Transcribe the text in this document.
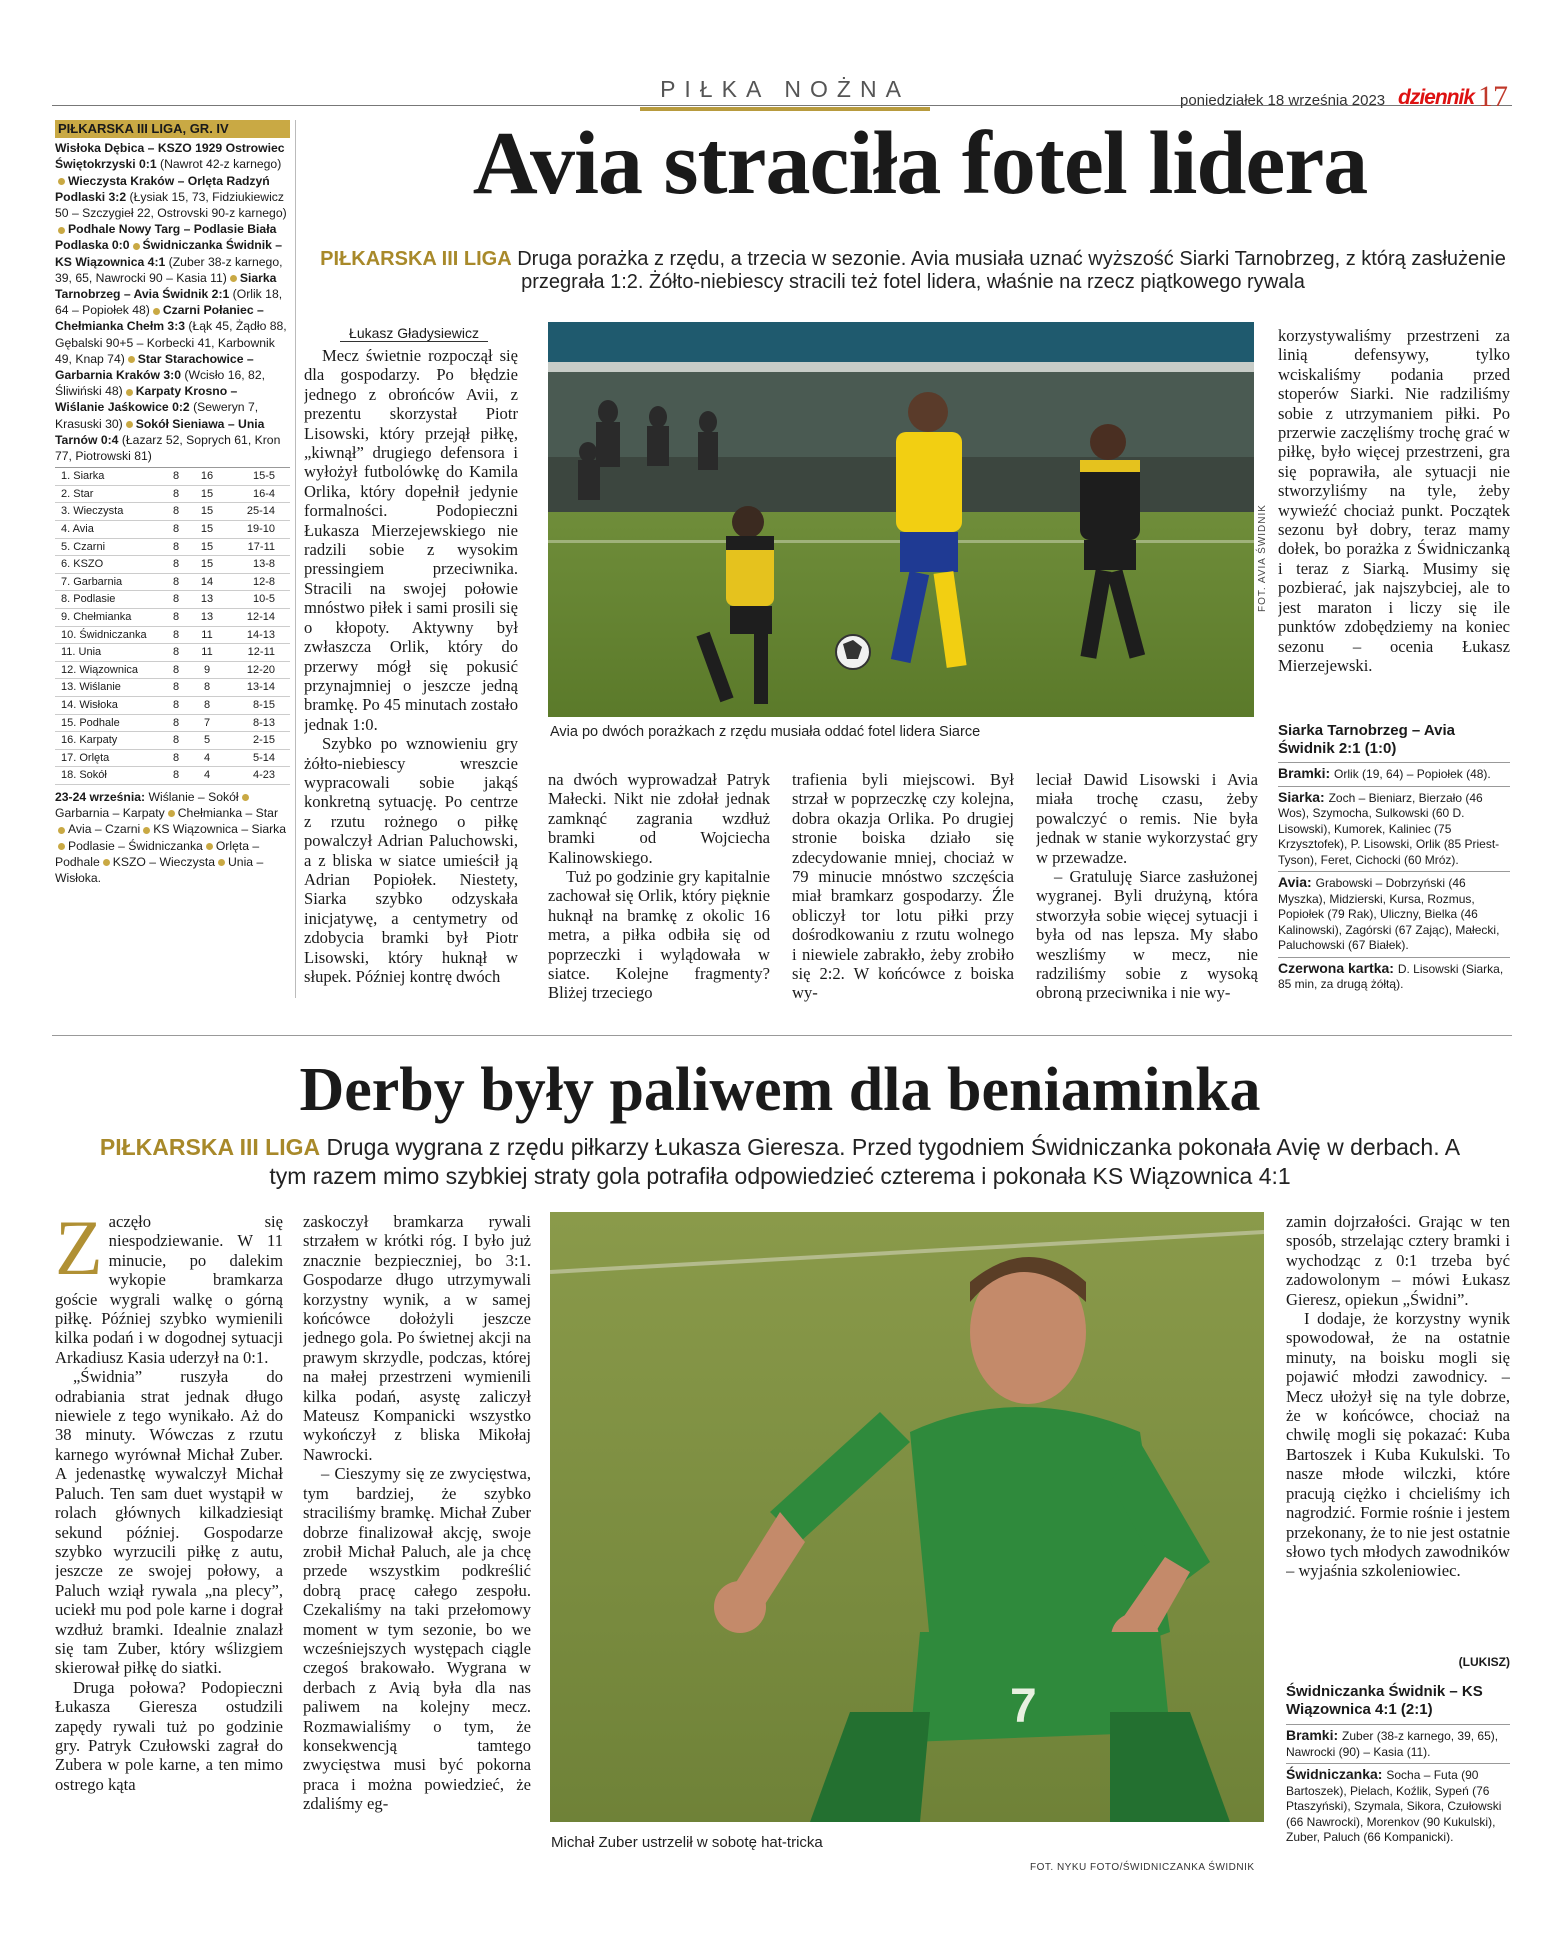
PIŁKA NOŻNA	poniedziałek 18 września 2023 dziennik 17
PIŁKARSKA III LIGA, GR. IV
Wisłoka Dębica – KSZO 1929 Ostrowiec Świętokrzyski 0:1 (Nawrot 42-z karnego)Wieczysta Kraków – Orlęta Radzyń Podlaski 3:2 (Łysiak 15, 73, Fidziukiewicz 50 – Szczygieł 22, Ostrovski 90-z karnego)Podhale Nowy Targ – Podlasie Biała Podlaska 0:0 Świdniczanka Świdnik – KS Wiązownica 4:1 (Zuber 38-z karnego, 39, 65, Nawrocki 90 – Kasia 11) Siarka Tarnobrzeg – Avia Świdnik 2:1 (Orlik 18, 64 – Popiołek 48) Czarni Połaniec – Chełmianka Chełm 3:3 (Łąk 45, Żądło 88, Gębalski 90+5 – Korbecki 41, Karbownik 49, Knap 74) Star Starachowice – Garbarnia Kraków 3:0 (Wcisło 16, 82, Śliwiński 48) Karpaty Krosno – Wiślanie Jaśkowice 0:2 (Seweryn 7, Krasuski 30) Sokół Sieniawa – Unia Tarnów 0:4 (Łazarz 52, Soprych 61, Kron 77, Piotrowski 81)
1. Siarka	8	16	15-5
2. Star	8	15	16-4
3. Wieczysta	8	15	25-14
4. Avia	8	15	19-10
5. Czarni	8	15	17-11
6. KSZO	8	15	13-8
7. Garbarnia	8	14	12-8
8. Podlasie	8	13	10-5
9. Chełmianka	8	13	12-14
10. Świdniczanka	8	11	14-13
11. Unia	8	11	12-11
12. Wiązownica	8	9	12-20
13. Wiślanie	8	8	13-14
14. Wisłoka	8	8	8-15
15. Podhale	8	7	8-13
16. Karpaty	8	5	2-15
17. Orlęta	8	4	5-14
18. Sokół	8	4	4-23
23-24 września: Wiślanie – SokółGarbarnia – Karpaty Chełmianka – StarAvia – Czarni KS Wiązownica – SiarkaPodlasie – Świdniczanka Orlęta – Podhale KSZO – Wieczysta Unia – Wisłoka.
Avia straciła fotel lidera
PIŁKARSKA III LIGA Druga porażka z rzędu, a trzecia w sezonie. Avia musiała uznać wyższość Siarki Tarnobrzeg, z którą zasłużenie przegrała 1:2. Żółto-niebiescy stracili też fotel lidera, właśnie na rzecz piątkowego rywala
Łukasz Gładysiewicz

Mecz świetnie rozpoczął się dla gospodarzy. Po błędzie jednego z obrońców Avii, z prezentu skorzystał Piotr Lisowski, który przejął piłkę, „kiwnął” drugiego defensora i wyłożył futbolówkę do Kamila Orlika, który dopełnił jedynie formalności. Podopieczni Łukasza Mierzejewskiego nie radzili sobie z wysokim pressingiem przeciwnika. Stracili na swojej połowie mnóstwo piłek i sami prosili się o kłopoty. Aktywny był zwłaszcza Orlik, który do przerwy mógł się pokusić przynajmniej o jeszcze jedną bramkę. Po 45 minutach zostało jednak 1:0.

Szybko po wznowieniu gry żółto-niebiescy wreszcie wypracowali sobie jakąś konkretną sytuację. Po centrze z rzutu rożnego o piłkę powalczył Adrian Paluchowski, a z bliska w siatce umieścił ją Adrian Popiołek. Niestety, Siarka szybko odzyskała inicjatywę, a centymetry od zdobycia bramki był Piotr Lisowski, który huknął w słupek. Później kontrę dwóch

Avia po dwóch porażkach z rzędu musiała oddać fotel lidera Siarce
FOT. AVIA ŚWIDNIK

na dwóch wyprowadzał Patryk Małecki. Nikt nie zdołał jednak zamknąć zagrania wzdłuż bramki od Wojciecha Kalinowskiego.

Tuż po godzinie gry kapitalnie zachował się Orlik, który pięknie huknął na bramkę z okolic 16 metra, a piłka odbiła się od poprzeczki i wylądowała w siatce. Kolejne fragmenty? Bliżej trzeciego

trafienia byli miejscowi. Był strzał w poprzeczkę czy kolejna, dobra okazja Orlika. Po drugiej stronie boiska działo się zdecydowanie mniej, chociaż w 79 minucie mnóstwo szczęścia miał bramkarz gospodarzy. Źle obliczył tor lotu piłki przy dośrodkowaniu z rzutu wolnego i niewiele zabrakło, żeby zrobiło się 2:2. W końcówce z boiska wy-

leciał Dawid Lisowski i Avia miała trochę czasu, żeby powalczyć o remis. Nie była jednak w stanie wykorzystać gry w przewadze.

– Gratuluję Siarce zasłużonej wygranej. Byli drużyną, która stworzyła sobie więcej sytuacji i była od nas lepsza. My słabo weszliśmy w mecz, nie radziliśmy sobie z wysoką obroną przeciwnika i nie wy-

korzystywaliśmy przestrzeni za linią defensywy, tylko wciskaliśmy podania przed stoperów Siarki. Nie radziliśmy sobie z utrzymaniem piłki. Po przerwie zaczęliśmy trochę grać w piłkę, było więcej przestrzeni, gra się poprawiła, ale sytuacji nie stworzyliśmy na tyle, żeby wywieźć chociaż punkt. Początek sezonu był dobry, teraz mamy dołek, bo porażka z Świdniczanką i teraz z Siarką. Musimy się pozbierać, jak najszybciej, ale to jest maraton i liczy się ile punktów zdobędziemy na koniec sezonu – ocenia Łukasz Mierzejewski.

Siarka Tarnobrzeg – Avia Świdnik 2:1 (1:0)
Bramki: Orlik (19, 64) – Popiołek (48).
Siarka: Zoch – Bieniarz, Bierzało (46 Wos), Szymocha, Sulkowski (60 D. Lisowski), Kumorek, Kaliniec (75 Krzysztofek), P. Lisowski, Orlik (85 Priest-Tyson), Feret, Cichocki (60 Mróz).
Avia: Grabowski – Dobrzyński (46 Myszka), Midzierski, Kursa, Rozmus, Popiołek (79 Rak), Uliczny, Bielka (46 Kalinowski), Zagórski (67 Zając), Małecki, Paluchowski (67 Białek).
Czerwona kartka: D. Lisowski (Siarka, 85 min, za drugą żółtą).
Derby były paliwem dla beniaminka
PIŁKARSKA III LIGA Druga wygrana z rzędu piłkarzy Łukasza Gieresza. Przed tygodniem Świdniczanka pokonała Avię w derbach. A tym razem mimo szybkiej straty gola potrafiła odpowiedzieć czterema i pokonała KS Wiązownica 4:1

Zaczęło się niespodziewanie. W 11 minucie, po dalekim wykopie bramkarza goście wygrali walkę o górną piłkę. Później szybko wymienili kilka podań i w dogodnej sytuacji Arkadiusz Kasia uderzył na 0:1.

„Świdnia” ruszyła do odrabiania strat jednak długo niewiele z tego wynikało. Aż do 38 minuty. Wówczas z rzutu karnego wyrównał Michał Zuber. A jedenastkę wywalczył Michał Paluch. Ten sam duet wystąpił w rolach głównych kilkadziesiąt sekund później. Gospodarze szybko wyrzucili piłkę z autu, jeszcze ze swojej połowy, a Paluch wziął rywala „na plecy”, uciekł mu pod pole karne i dograł wzdłuż bramki. Idealnie znalazł się tam Zuber, który wślizgiem skierował piłkę do siatki.

Druga połowa? Podopieczni Łukasza Gieresza ostudzili zapędy rywali tuż po godzinie gry. Patryk Czułowski zagrał do Zubera w pole karne, a ten mimo ostrego kąta

zaskoczył bramkarza rywali strzałem w krótki róg. I było już znacznie bezpieczniej, bo 3:1. Gospodarze długo utrzymywali korzystny wynik, a w samej końcówce dołożyli jeszcze jednego gola. Po świetnej akcji na prawym skrzydle, podczas, której na małej przestrzeni wymienili kilka podań, asystę zaliczył Mateusz Kompanicki wszystko wykończył z bliska Mikołaj Nawrocki.

– Cieszymy się ze zwycięstwa, tym bardziej, że szybko straciliśmy bramkę. Michał Zuber dobrze finalizował akcję, swoje zrobił Michał Paluch, ale ja chcę przede wszystkim podkreślić dobrą pracę całego zespołu. Czekaliśmy na taki przełomowy moment w tym sezonie, bo we wcześniejszych występach ciągle czegoś brakowało. Wygrana w derbach z Avią była dla nas paliwem na kolejny mecz. Rozmawialiśmy o tym, że konsekwencją tamtego zwycięstwa musi być pokorna praca i można powiedzieć, że zdaliśmy eg-

7
Michał Zuber ustrzelił w sobotę hat-tricka
FOT. NYKU FOTO/ŚWIDNICZANKA ŚWIDNIK

zamin dojrzałości. Grając w ten sposób, strzelając cztery bramki i wychodząc z 0:1 trzeba być zadowolonym – mówi Łukasz Gieresz, opiekun „Świdni”.

I dodaje, że korzystny wynik spowodował, że na ostatnie minuty, na boisku mogli się pojawić młodzi zawodnicy. – Mecz ułożył się na tyle dobrze, że w końcówce, chociaż na chwilę mogli się pokazać: Kuba Bartoszek i Kuba Kukulski. To nasze młode wilczki, które pracują ciężko i chcieliśmy ich nagrodzić. Formie rośnie i jestem przekonany, że to nie jest ostatnie słowo tych młodych zawodników – wyjaśnia szkoleniowiec.

(LUKISZ)
Świdniczanka Świdnik – KS Wiązownica 4:1 (2:1)
Bramki: Zuber (38-z karnego, 39, 65), Nawrocki (90) – Kasia (11).
Świdniczanka: Socha – Futa (90 Bartoszek), Pielach, Koźlik, Sypeń (76 Ptaszyński), Szymala, Sikora, Czułowski (66 Nawrocki), Morenkov (90 Kukulski), Zuber, Paluch (66 Kompanicki).
